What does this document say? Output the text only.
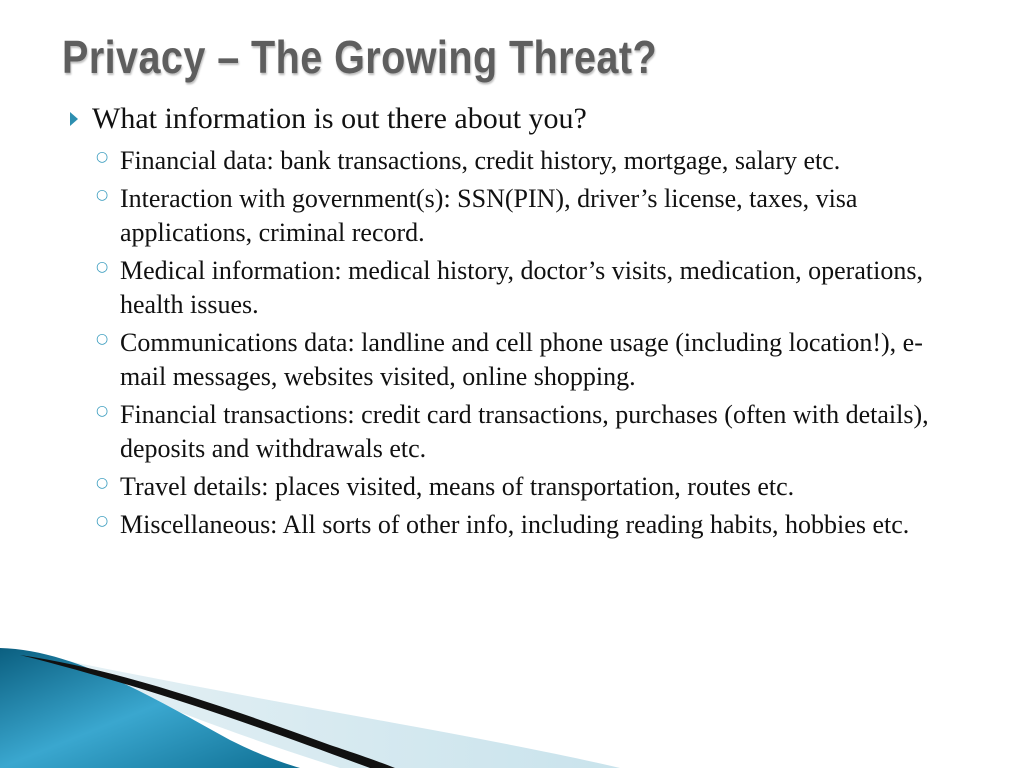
Privacy – The Growing Threat?
What information is out there about you?
○ Financial data: bank transactions, credit history, mortgage, salary etc.
○ Interaction with government(s): SSN(PIN), driver’s license, taxes, visa applications, criminal record.
○ Medical information: medical history, doctor’s visits, medication, operations, health issues.
○ Communications data: landline and cell phone usage (including location!), e-mail messages, websites visited, online shopping.
○ Financial transactions: credit card transactions, purchases (often with details), deposits and withdrawals etc.
○ Travel details: places visited, means of transportation, routes etc.
○ Miscellaneous: All sorts of other info, including reading habits, hobbies etc.
